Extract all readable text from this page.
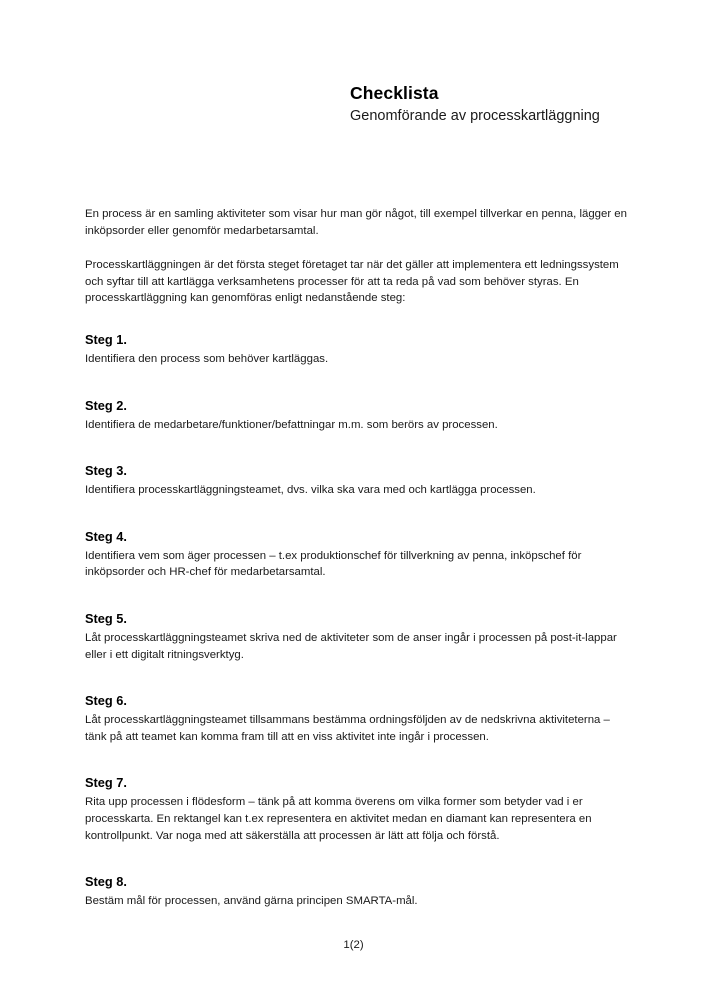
Checklista
Genomförande av processkartläggning

En process är en samling aktiviteter som visar hur man gör något, till exempel tillverkar en penna, lägger en inköpsorder eller genomför medarbetarsamtal.

Processkartläggningen är det första steget företaget tar när det gäller att implementera ett ledningssystem och syftar till att kartlägga verksamhetens processer för att ta reda på vad som behöver styras. En processkartläggning kan genomföras enligt nedanstående steg:

Steg 1.

Identifiera den process som behöver kartläggas.

Steg 2.

Identifiera de medarbetare/funktioner/befattningar m.m. som berörs av processen.

Steg 3.

Identifiera processkartläggningsteamet, dvs. vilka ska vara med och kartlägga processen.

Steg 4.

Identifiera vem som äger processen – t.ex produktionschef för tillverkning av penna, inköpschef för inköpsorder och HR-chef för medarbetarsamtal.

Steg 5.

Låt processkartläggningsteamet skriva ned de aktiviteter som de anser ingår i processen på post-it-lappar eller i ett digitalt ritningsverktyg.

Steg 6.

Låt processkartläggningsteamet tillsammans bestämma ordningsföljden av de nedskrivna aktiviteterna – tänk på att teamet kan komma fram till att en viss aktivitet inte ingår i processen.

Steg 7.

Rita upp processen i flödesform – tänk på att komma överens om vilka former som betyder vad i er processkarta. En rektangel kan t.ex representera en aktivitet medan en diamant kan representera en kontrollpunkt. Var noga med att säkerställa att processen är lätt att följa och förstå.

Steg 8.

Bestäm mål för processen, använd gärna principen SMARTA-mål.

1(2)
